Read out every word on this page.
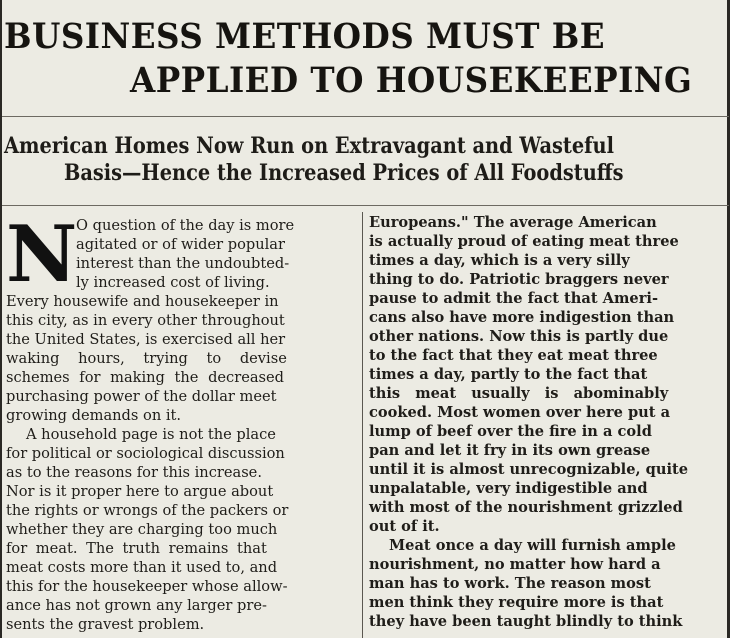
BUSINESS METHODS MUST BE
APPLIED TO HOUSEKEEPING
American Homes Now Run on Extravagant and Wasteful
Basis—Hence the Increased Prices of All Foodstuffs
N
O question of the day is more
agitated or of wider popular
interest than the undoubted-
ly increased cost of living.
Every housewife and housekeeper in
this city, as in every other throughout
the United States, is exercised all her
waking hours, trying to devise
schemes for making the decreased
purchasing power of the dollar meet
growing demands on it.
A household page is not the place
for political or sociological discussion
as to the reasons for this increase.
Nor is it proper here to argue about
the rights or wrongs of the packers or
whether they are charging too much
for meat. The truth remains that
meat costs more than it used to, and
this for the housekeeper whose allow-
ance has not grown any larger pre-
sents the gravest problem.
Europeans." The average American
is actually proud of eating meat three
times a day, which is a very silly
thing to do. Patriotic braggers never
pause to admit the fact that Ameri-
cans also have more indigestion than
other nations. Now this is partly due
to the fact that they eat meat three
times a day, partly to the fact that
this meat usually is abominably
cooked. Most women over here put a
lump of beef over the fire in a cold
pan and let it fry in its own grease
until it is almost unrecognizable, quite
unpalatable, very indigestible and
with most of the nourishment grizzled
out of it.
Meat once a day will furnish ample
nourishment, no matter how hard a
man has to work. The reason most
men think they require more is that
they have been taught blindly to think
